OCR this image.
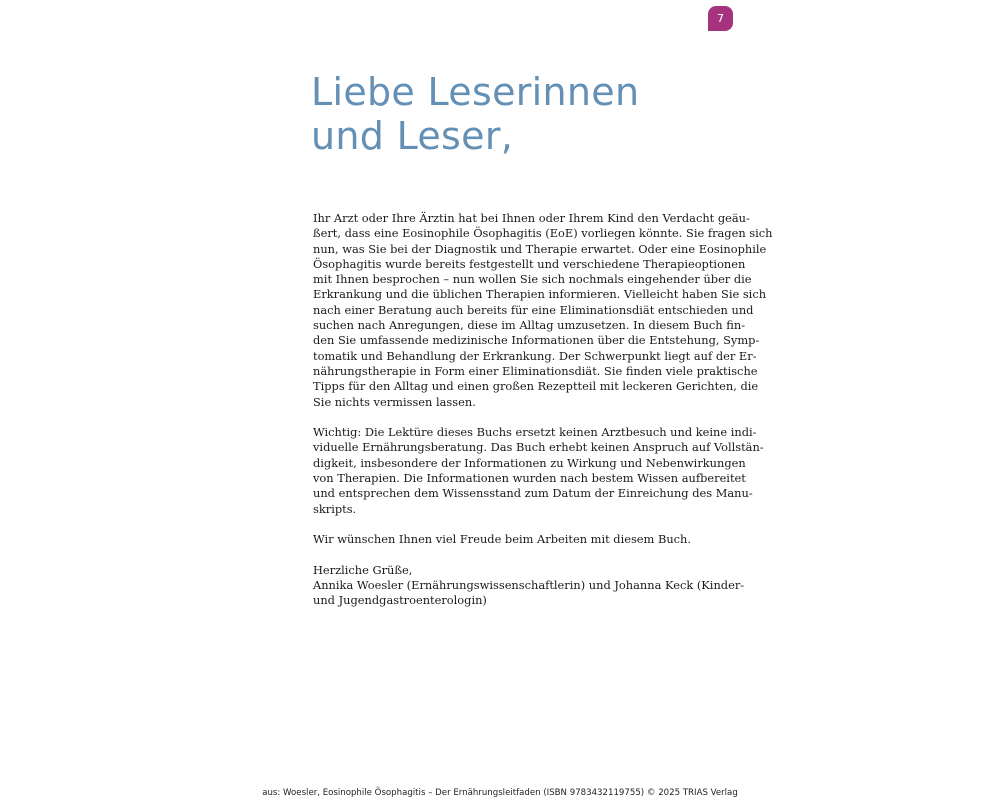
7
Liebe Leserinnen
und Leser,
Ihr Arzt oder Ihre Ärztin hat bei Ihnen oder Ihrem Kind den Verdacht geäu-
ßert, dass eine Eosinophile Ösophagitis (EoE) vorliegen könnte. Sie fragen sich
nun, was Sie bei der Diagnostik und Therapie erwartet. Oder eine Eosinophile
Ösophagitis wurde bereits festgestellt und verschiedene Therapieoptionen
mit Ihnen besprochen – nun wollen Sie sich nochmals eingehender über die
Erkrankung und die üblichen Therapien informieren. Vielleicht haben Sie sich
nach einer Beratung auch bereits für eine Eliminationsdiät entschieden und
suchen nach Anregungen, diese im Alltag umzusetzen. In diesem Buch fin-
den Sie umfassende medizinische Informationen über die Entstehung, Symp-
tomatik und Behandlung der Erkrankung. Der Schwerpunkt liegt auf der Er-
nährungstherapie in Form einer Eliminationsdiät. Sie finden viele praktische
Tipps für den Alltag und einen großen Rezeptteil mit leckeren Gerichten, die
Sie nichts vermissen lassen.
Wichtig: Die Lektüre dieses Buchs ersetzt keinen Arztbesuch und keine indi-
viduelle Ernährungsberatung. Das Buch erhebt keinen Anspruch auf Vollstän-
digkeit, insbesondere der Informationen zu Wirkung und Nebenwirkungen
von Therapien. Die Informationen wurden nach bestem Wissen aufbereitet
und entsprechen dem Wissensstand zum Datum der Einreichung des Manu-
skripts.
Wir wünschen Ihnen viel Freude beim Arbeiten mit diesem Buch.
Herzliche Grüße,
Annika Woesler (Ernährungswissenschaftlerin) und Johanna Keck (Kinder-
und Jugendgastroenterologin)
aus: Woesler, Eosinophile Ösophagitis – Der Ernährungsleitfaden (ISBN 9783432119755) © 2025 TRIAS Verlag
